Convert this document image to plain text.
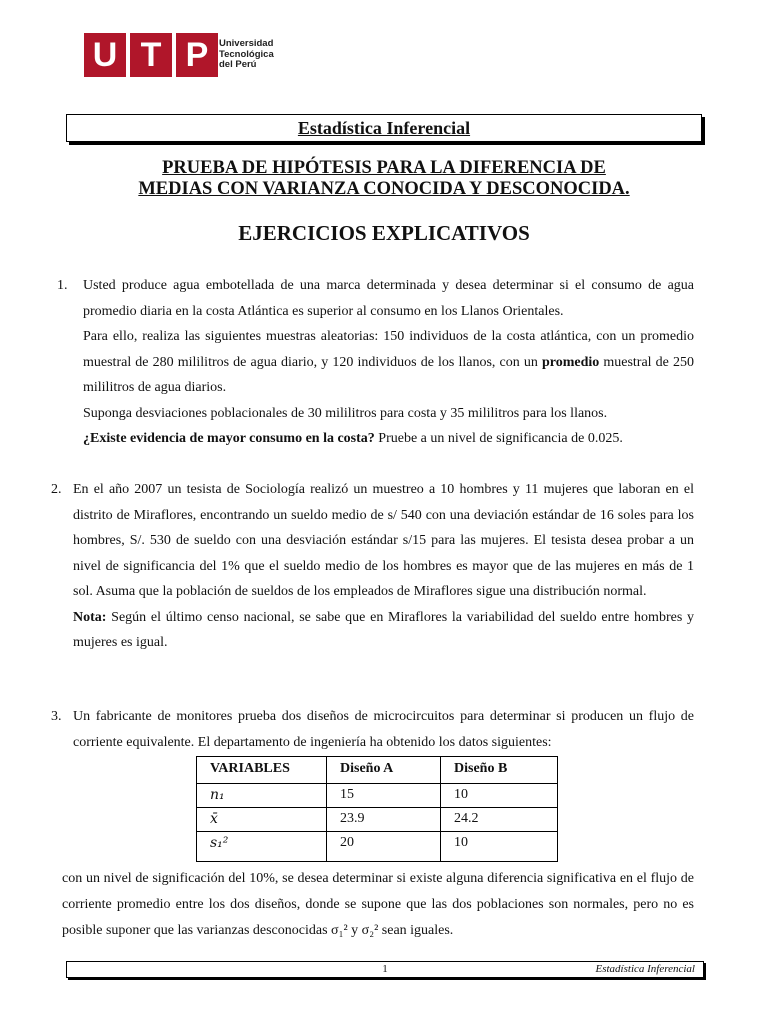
U T P	Universidad
Tecnológica
del Perú
Estadística Inferencial
PRUEBA DE HIPÓTESIS PARA LA DIFERENCIA DE
MEDIAS CON VARIANZA CONOCIDA Y DESCONOCIDA.
EJERCICIOS EXPLICATIVOS
1. Usted produce agua embotellada de una marca determinada y desea determinar si el consumo de agua promedio diaria en la costa Atlántica es superior al consumo en los Llanos Orientales.

Para ello, realiza las siguientes muestras aleatorias: 150 individuos de la costa atlántica, con un promedio muestral de 280 mililitros de agua diario, y 120 individuos de los llanos, con un promedio muestral de 250 mililitros de agua diarios.

Suponga desviaciones poblacionales de 30 mililitros para costa y 35 mililitros para los llanos.

¿Existe evidencia de mayor consumo en la costa? Pruebe a un nivel de significancia de 0.025.

2. En el año 2007 un tesista de Sociología realizó un muestreo a 10 hombres y 11 mujeres que laboran en el distrito de Miraflores, encontrando un sueldo medio de s/ 540 con una deviación estándar de 16 soles para los hombres, S/. 530 de sueldo con una desviación estándar s/15 para las mujeres. El tesista desea probar a un nivel de significancia del 1% que el sueldo medio de los hombres es mayor que de las mujeres en más de 1 sol. Asuma que la población de sueldos de los empleados de Miraflores sigue una distribución normal.

Nota: Según el último censo nacional, se sabe que en Miraflores la variabilidad del sueldo entre hombres y mujeres es igual.

3. Un fabricante de monitores prueba dos diseños de microcircuitos para determinar si producen un flujo de corriente equivalente. El departamento de ingeniería ha obtenido los datos siguientes:

VARIABLES	Diseño A	Diseño B
n₁	15	10
x̄	23.9	24.2
s₁²	20	10

con un nivel de significación del 10%, se desea determinar si existe alguna diferencia significativa en el flujo de corriente promedio entre los dos diseños, donde se supone que las dos poblaciones son normales, pero no es posible suponer que las varianzas desconocidas σ₁² y σ₂² sean iguales.

1	Estadística Inferencial
